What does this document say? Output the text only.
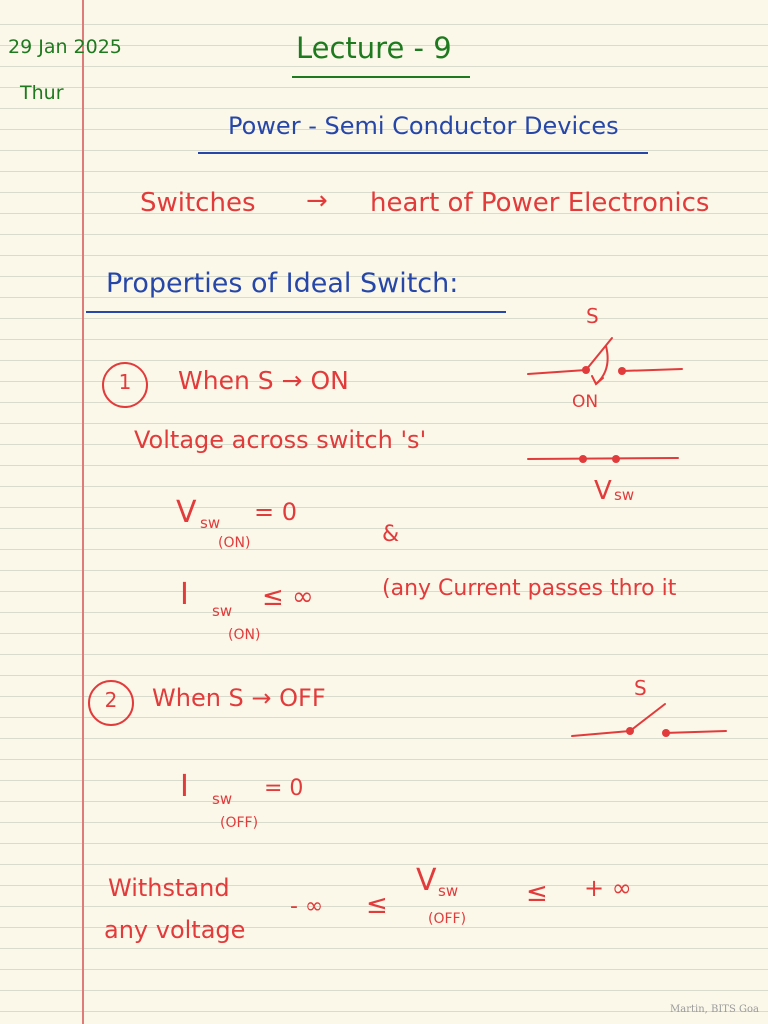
29 Jan 2025
Thur
Lecture - 9
Power - Semi Conductor Devices
Switches → heart of Power Electronics
Properties of Ideal Switch:
1	When S → ON
Voltage across switch 's'
V sw
(ON)
= 0
&
I sw
(ON)
≤ ∞	(any Current passes thro it
S
ON
V sw
2	When S → OFF	S
I sw
(OFF)
= 0
Withstand
any voltage
- ∞ ≤
V sw
(OFF)
≤ + ∞
Martin, BITS Goa
